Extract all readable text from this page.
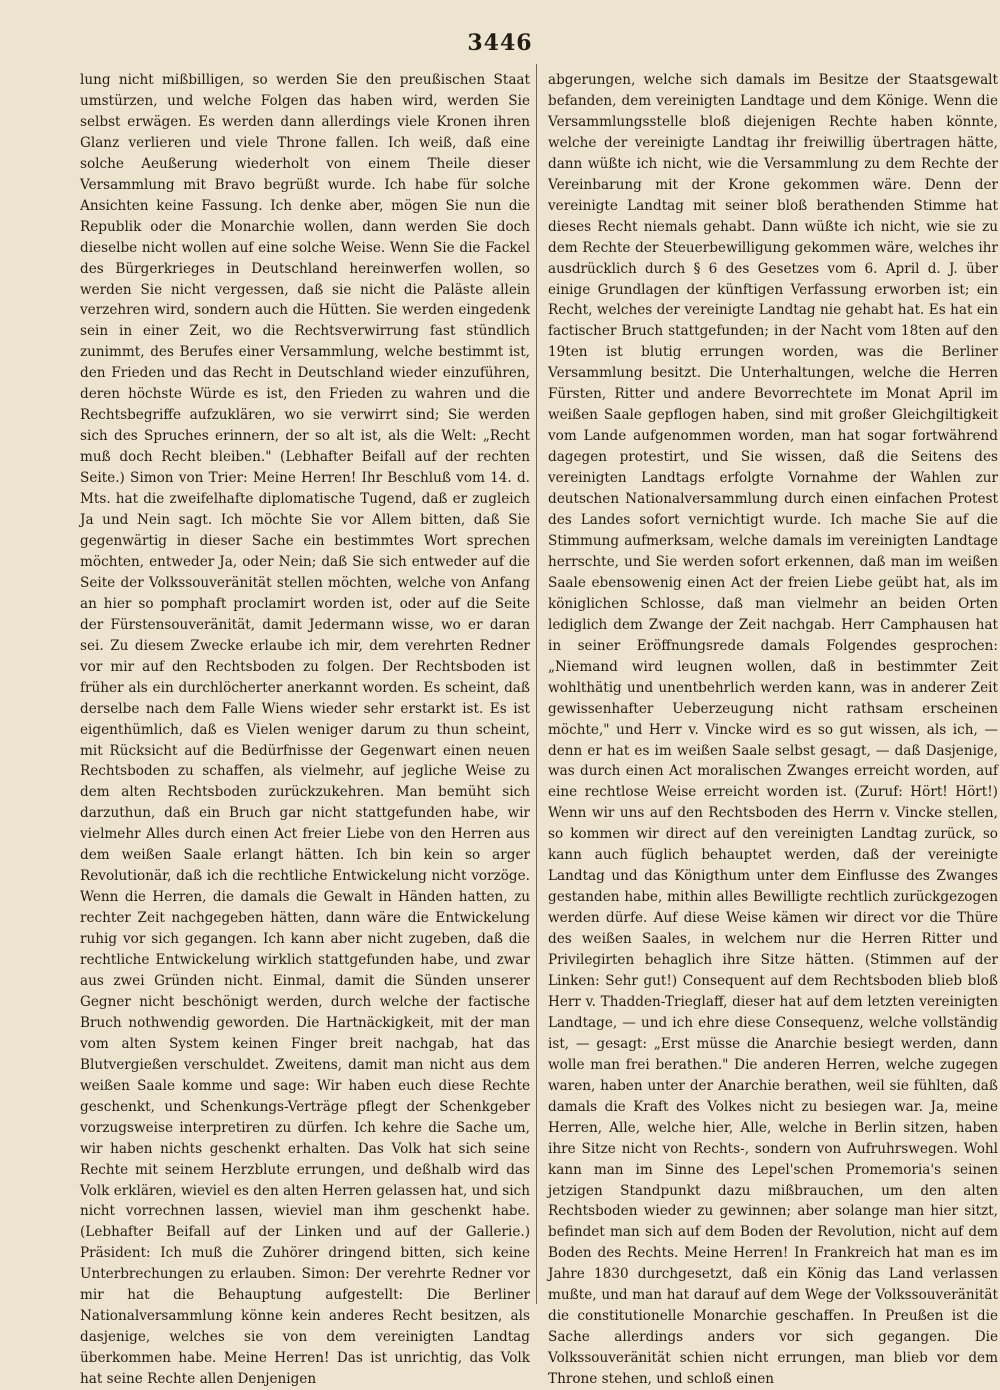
3446

lung nicht mißbilligen, so werden Sie den preußischen Staat umstürzen, und welche Folgen das haben wird, werden Sie selbst erwägen. Es werden dann allerdings viele Kronen ihren Glanz verlieren und viele Throne fallen. Ich weiß, daß eine solche Aeußerung wiederholt von einem Theile dieser Versammlung mit Bravo begrüßt wurde. Ich habe für solche Ansichten keine Fassung. Ich denke aber, mögen Sie nun die Republik oder die Monarchie wollen, dann werden Sie doch dieselbe nicht wollen auf eine solche Weise. Wenn Sie die Fackel des Bürgerkrieges in Deutschland hereinwerfen wollen, so werden Sie nicht vergessen, daß sie nicht die Paläste allein verzehren wird, sondern auch die Hütten. Sie werden eingedenk sein in einer Zeit, wo die Rechtsverwirrung fast stündlich zunimmt, des Berufes einer Versammlung, welche bestimmt ist, den Frieden und das Recht in Deutschland wieder einzuführen, deren höchste Würde es ist, den Frieden zu wahren und die Rechtsbegriffe aufzuklären, wo sie verwirrt sind; Sie werden sich des Spruches erinnern, der so alt ist, als die Welt: „Recht muß doch Recht bleiben." (Lebhafter Beifall auf der rechten Seite.) Simon von Trier: Meine Herren! Ihr Beschluß vom 14. d. Mts. hat die zweifelhafte diplomatische Tugend, daß er zugleich Ja und Nein sagt. Ich möchte Sie vor Allem bitten, daß Sie gegenwärtig in dieser Sache ein bestimmtes Wort sprechen möchten, entweder Ja, oder Nein; daß Sie sich entweder auf die Seite der Volkssouveränität stellen möchten, welche von Anfang an hier so pomphaft proclamirt worden ist, oder auf die Seite der Fürstensouveränität, damit Jedermann wisse, wo er daran sei. Zu diesem Zwecke erlaube ich mir, dem verehrten Redner vor mir auf den Rechtsboden zu folgen. Der Rechtsboden ist früher als ein durchlöcherter anerkannt worden. Es scheint, daß derselbe nach dem Falle Wiens wieder sehr erstarkt ist. Es ist eigenthümlich, daß es Vielen weniger darum zu thun scheint, mit Rücksicht auf die Bedürfnisse der Gegenwart einen neuen Rechtsboden zu schaffen, als vielmehr, auf jegliche Weise zu dem alten Rechtsboden zurückzukehren. Man bemüht sich darzuthun, daß ein Bruch gar nicht stattgefunden habe, wir vielmehr Alles durch einen Act freier Liebe von den Herren aus dem weißen Saale erlangt hätten. Ich bin kein so arger Revolutionär, daß ich die rechtliche Entwickelung nicht vorzöge. Wenn die Herren, die damals die Gewalt in Händen hatten, zu rechter Zeit nachgegeben hätten, dann wäre die Entwickelung ruhig vor sich gegangen. Ich kann aber nicht zugeben, daß die rechtliche Entwickelung wirklich stattgefunden habe, und zwar aus zwei Gründen nicht. Einmal, damit die Sünden unserer Gegner nicht beschönigt werden, durch welche der factische Bruch nothwendig geworden. Die Hartnäckigkeit, mit der man vom alten System keinen Finger breit nachgab, hat das Blutvergießen verschuldet. Zweitens, damit man nicht aus dem weißen Saale komme und sage: Wir haben euch diese Rechte geschenkt, und Schenkungs-Verträge pflegt der Schenkgeber vorzugsweise interpretiren zu dürfen. Ich kehre die Sache um, wir haben nichts geschenkt erhalten. Das Volk hat sich seine Rechte mit seinem Herzblute errungen, und deßhalb wird das Volk erklären, wieviel es den alten Herren gelassen hat, und sich nicht vorrechnen lassen, wieviel man ihm geschenkt habe. (Lebhafter Beifall auf der Linken und auf der Gallerie.) Präsident: Ich muß die Zuhörer dringend bitten, sich keine Unterbrechungen zu erlauben. Simon: Der verehrte Redner vor mir hat die Behauptung aufgestellt: Die Berliner Nationalversammlung könne kein anderes Recht besitzen, als dasjenige, welches sie von dem vereinigten Landtag überkommen habe. Meine Herren! Das ist unrichtig, das Volk hat seine Rechte allen Denjenigen

abgerungen, welche sich damals im Besitze der Staatsgewalt befanden, dem vereinigten Landtage und dem Könige. Wenn die Versammlungsstelle bloß diejenigen Rechte haben könnte, welche der vereinigte Landtag ihr freiwillig übertragen hätte, dann wüßte ich nicht, wie die Versammlung zu dem Rechte der Vereinbarung mit der Krone gekommen wäre. Denn der vereinigte Landtag mit seiner bloß berathenden Stimme hat dieses Recht niemals gehabt. Dann wüßte ich nicht, wie sie zu dem Rechte der Steuerbewilligung gekommen wäre, welches ihr ausdrücklich durch § 6 des Gesetzes vom 6. April d. J. über einige Grundlagen der künftigen Verfassung erworben ist; ein Recht, welches der vereinigte Landtag nie gehabt hat. Es hat ein factischer Bruch stattgefunden; in der Nacht vom 18ten auf den 19ten ist blutig errungen worden, was die Berliner Versammlung besitzt. Die Unterhaltungen, welche die Herren Fürsten, Ritter und andere Bevorrechtete im Monat April im weißen Saale gepflogen haben, sind mit großer Gleichgiltigkeit vom Lande aufgenommen worden, man hat sogar fortwährend dagegen protestirt, und Sie wissen, daß die Seitens des vereinigten Landtags erfolgte Vornahme der Wahlen zur deutschen Nationalversammlung durch einen einfachen Protest des Landes sofort vernichtigt wurde. Ich mache Sie auf die Stimmung aufmerksam, welche damals im vereinigten Landtage herrschte, und Sie werden sofort erkennen, daß man im weißen Saale ebensowenig einen Act der freien Liebe geübt hat, als im königlichen Schlosse, daß man vielmehr an beiden Orten lediglich dem Zwange der Zeit nachgab. Herr Camphausen hat in seiner Eröffnungsrede damals Folgendes gesprochen: „Niemand wird leugnen wollen, daß in bestimmter Zeit wohlthätig und unentbehrlich werden kann, was in anderer Zeit gewissenhafter Ueberzeugung nicht rathsam erscheinen möchte," und Herr v. Vincke wird es so gut wissen, als ich, — denn er hat es im weißen Saale selbst gesagt, — daß Dasjenige, was durch einen Act moralischen Zwanges erreicht worden, auf eine rechtlose Weise erreicht worden ist. (Zuruf: Hört! Hört!) Wenn wir uns auf den Rechtsboden des Herrn v. Vincke stellen, so kommen wir direct auf den vereinigten Landtag zurück, so kann auch füglich behauptet werden, daß der vereinigte Landtag und das Königthum unter dem Einflusse des Zwanges gestanden habe, mithin alles Bewilligte rechtlich zurückgezogen werden dürfe. Auf diese Weise kämen wir direct vor die Thüre des weißen Saales, in welchem nur die Herren Ritter und Privilegirten behaglich ihre Sitze hätten. (Stimmen auf der Linken: Sehr gut!) Consequent auf dem Rechtsboden blieb bloß Herr v. Thadden-Trieglaff, dieser hat auf dem letzten vereinigten Landtage, — und ich ehre diese Consequenz, welche vollständig ist, — gesagt: „Erst müsse die Anarchie besiegt werden, dann wolle man frei berathen." Die anderen Herren, welche zugegen waren, haben unter der Anarchie berathen, weil sie fühlten, daß damals die Kraft des Volkes nicht zu besiegen war. Ja, meine Herren, Alle, welche hier, Alle, welche in Berlin sitzen, haben ihre Sitze nicht von Rechts-, sondern von Aufruhrswegen. Wohl kann man im Sinne des Lepel'schen Promemoria's seinen jetzigen Standpunkt dazu mißbrauchen, um den alten Rechtsboden wieder zu gewinnen; aber solange man hier sitzt, befindet man sich auf dem Boden der Revolution, nicht auf dem Boden des Rechts. Meine Herren! In Frankreich hat man es im Jahre 1830 durchgesetzt, daß ein König das Land verlassen mußte, und man hat darauf auf dem Wege der Volkssouveränität die constitutionelle Monarchie geschaffen. In Preußen ist die Sache allerdings anders vor sich gegangen. Die Volkssouveränität schien nicht errungen, man blieb vor dem Throne stehen, und schloß einen
